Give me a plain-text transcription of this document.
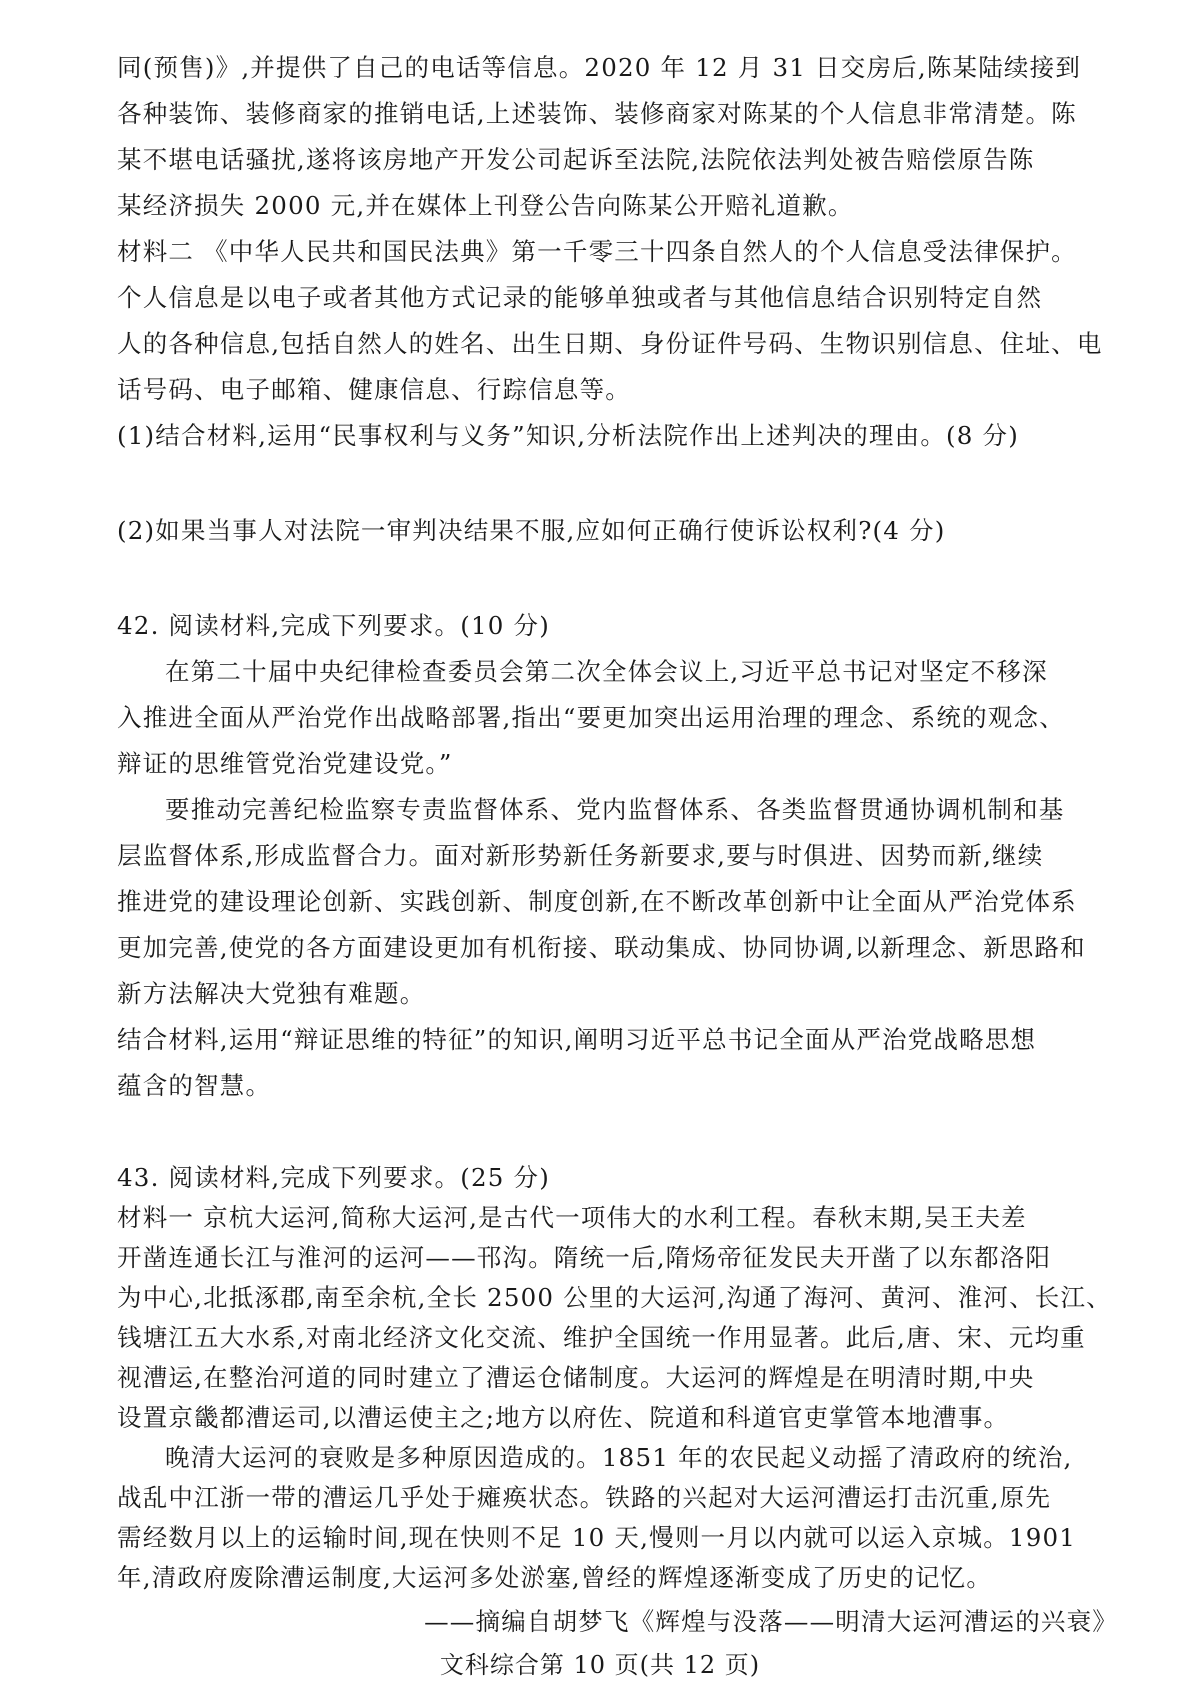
同(预售)》,并提供了自己的电话等信息。2020 年 12 月 31 日交房后,陈某陆续接到
各种装饰、装修商家的推销电话,上述装饰、装修商家对陈某的个人信息非常清楚。陈
某不堪电话骚扰,遂将该房地产开发公司起诉至法院,法院依法判处被告赔偿原告陈
某经济损失 2000 元,并在媒体上刊登公告向陈某公开赔礼道歉。
材料二 《中华人民共和国民法典》第一千零三十四条自然人的个人信息受法律保护。
个人信息是以电子或者其他方式记录的能够单独或者与其他信息结合识别特定自然
人的各种信息,包括自然人的姓名、出生日期、身份证件号码、生物识别信息、住址、电
话号码、电子邮箱、健康信息、行踪信息等。
(1)结合材料,运用“民事权利与义务”知识,分析法院作出上述判决的理由。(8 分)
(2)如果当事人对法院一审判决结果不服,应如何正确行使诉讼权利?(4 分)
42. 阅读材料,完成下列要求。(10 分)
在第二十届中央纪律检查委员会第二次全体会议上,习近平总书记对坚定不移深
入推进全面从严治党作出战略部署,指出“要更加突出运用治理的理念、系统的观念、
辩证的思维管党治党建设党。”
要推动完善纪检监察专责监督体系、党内监督体系、各类监督贯通协调机制和基
层监督体系,形成监督合力。面对新形势新任务新要求,要与时俱进、因势而新,继续
推进党的建设理论创新、实践创新、制度创新,在不断改革创新中让全面从严治党体系
更加完善,使党的各方面建设更加有机衔接、联动集成、协同协调,以新理念、新思路和
新方法解决大党独有难题。
结合材料,运用“辩证思维的特征”的知识,阐明习近平总书记全面从严治党战略思想
蕴含的智慧。
43. 阅读材料,完成下列要求。(25 分)
材料一 京杭大运河,简称大运河,是古代一项伟大的水利工程。春秋末期,吴王夫差
开凿连通长江与淮河的运河——邗沟。隋统一后,隋炀帝征发民夫开凿了以东都洛阳
为中心,北抵涿郡,南至余杭,全长 2500 公里的大运河,沟通了海河、黄河、淮河、长江、
钱塘江五大水系,对南北经济文化交流、维护全国统一作用显著。此后,唐、宋、元均重
视漕运,在整治河道的同时建立了漕运仓储制度。大运河的辉煌是在明清时期,中央
设置京畿都漕运司,以漕运使主之;地方以府佐、院道和科道官吏掌管本地漕事。
晚清大运河的衰败是多种原因造成的。1851 年的农民起义动摇了清政府的统治,
战乱中江浙一带的漕运几乎处于瘫痪状态。铁路的兴起对大运河漕运打击沉重,原先
需经数月以上的运输时间,现在快则不足 10 天,慢则一月以内就可以运入京城。1901
年,清政府废除漕运制度,大运河多处淤塞,曾经的辉煌逐渐变成了历史的记忆。
——摘编自胡梦飞《辉煌与没落——明清大运河漕运的兴衰》
文科综合第 10 页(共 12 页)
